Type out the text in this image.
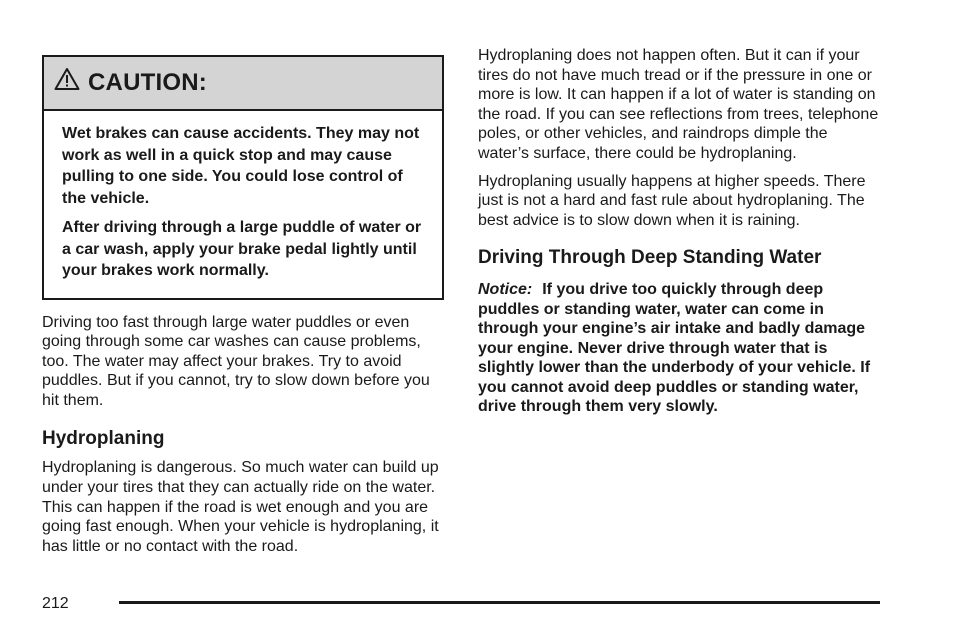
CAUTION:

Wet brakes can cause accidents. They may not work as well in a quick stop and may cause pulling to one side. You could lose control of the vehicle.

After driving through a large puddle of water or a car wash, apply your brake pedal lightly until your brakes work normally.

Driving too fast through large water puddles or even going through some car washes can cause problems, too. The water may affect your brakes. Try to avoid puddles. But if you cannot, try to slow down before you hit them.

Hydroplaning

Hydroplaning is dangerous. So much water can build up under your tires that they can actually ride on the water. This can happen if the road is wet enough and you are going fast enough. When your vehicle is hydroplaning, it has little or no contact with the road.

Hydroplaning does not happen often. But it can if your tires do not have much tread or if the pressure in one or more is low. It can happen if a lot of water is standing on the road. If you can see reflections from trees, telephone poles, or other vehicles, and raindrops dimple the water’s surface, there could be hydroplaning.

Hydroplaning usually happens at higher speeds. There just is not a hard and fast rule about hydroplaning. The best advice is to slow down when it is raining.

Driving Through Deep Standing Water

Notice: If you drive too quickly through deep puddles or standing water, water can come in through your engine’s air intake and badly damage your engine. Never drive through water that is slightly lower than the underbody of your vehicle. If you cannot avoid deep puddles or standing water, drive through them very slowly.

212
